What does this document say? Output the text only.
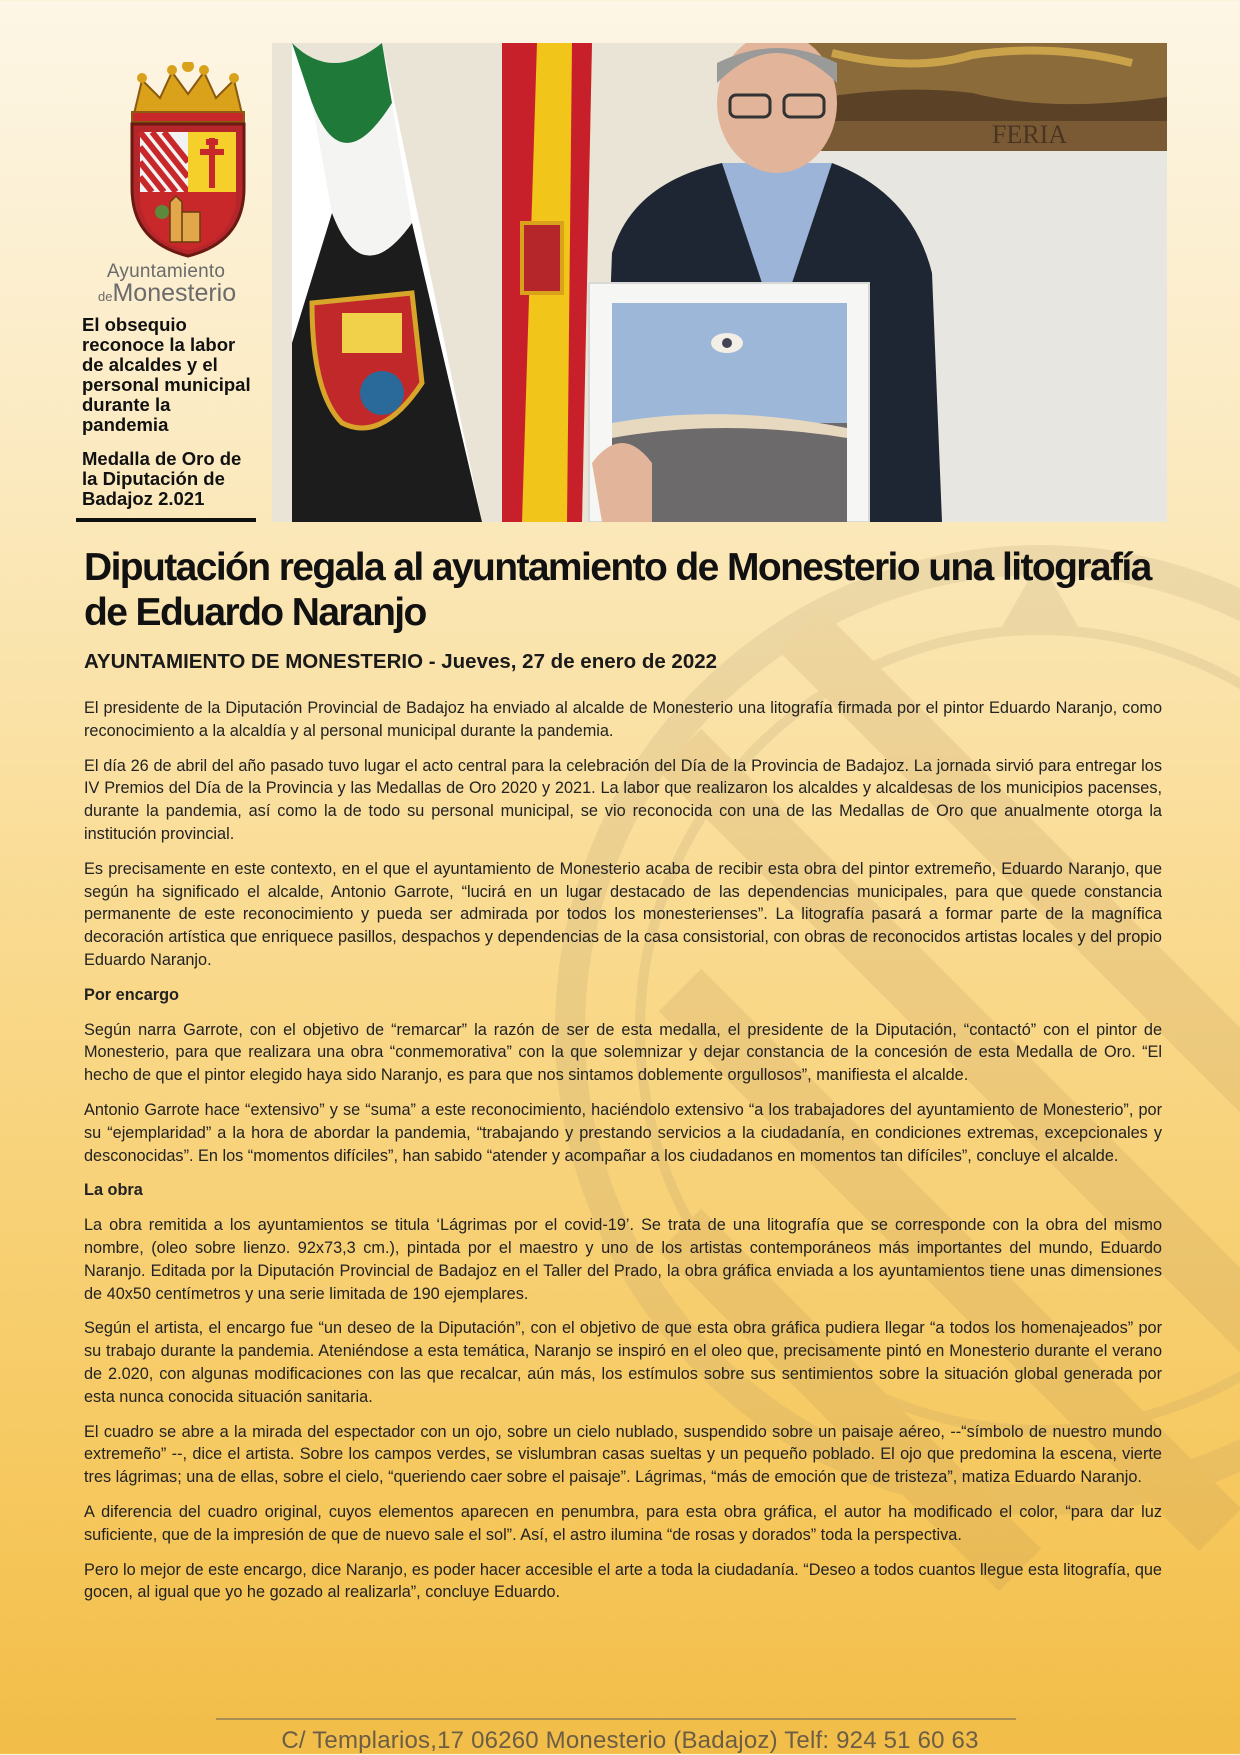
Ayuntamiento
deMonesterio

El obsequio reconoce la labor de alcaldes y el personal municipal durante la pandemia

Medalla de Oro de la Diputación de Badajoz 2.021

FERIA
Diputación regala al ayuntamiento de Monesterio una litografía de Eduardo Naranjo

AYUNTAMIENTO DE MONESTERIO - Jueves, 27 de enero de 2022

El presidente de la Diputación Provincial de Badajoz ha enviado al alcalde de Monesterio una litografía firmada por el pintor Eduardo Naranjo, como reconocimiento a la alcaldía y al personal municipal durante la pandemia.

El día 26 de abril del año pasado tuvo lugar el acto central para la celebración del Día de la Provincia de Badajoz. La jornada sirvió para entregar los IV Premios del Día de la Provincia y las Medallas de Oro 2020 y 2021. La labor que realizaron los alcaldes y alcaldesas de los municipios pacenses, durante la pandemia, así como la de todo su personal municipal, se vio reconocida con una de las Medallas de Oro que anualmente otorga la institución provincial.

Es precisamente en este contexto, en el que el ayuntamiento de Monesterio acaba de recibir esta obra del pintor extremeño, Eduardo Naranjo, que según ha significado el alcalde, Antonio Garrote, “lucirá en un lugar destacado de las dependencias municipales, para que quede constancia permanente de este reconocimiento y pueda ser admirada por todos los monesterienses”. La litografía pasará a formar parte de la magnífica decoración artística que enriquece pasillos, despachos y dependencias de la casa consistorial, con obras de reconocidos artistas locales y del propio Eduardo Naranjo.

Por encargo

Según narra Garrote, con el objetivo de “remarcar” la razón de ser de esta medalla, el presidente de la Diputación, “contactó” con el pintor de Monesterio, para que realizara una obra “conmemorativa” con la que solemnizar y dejar constancia de la concesión de esta Medalla de Oro. “El hecho de que el pintor elegido haya sido Naranjo, es para que nos sintamos doblemente orgullosos”, manifiesta el alcalde.

Antonio Garrote hace “extensivo” y se “suma” a este reconocimiento, haciéndolo extensivo “a los trabajadores del ayuntamiento de Monesterio”, por su “ejemplaridad” a la hora de abordar la pandemia, “trabajando y prestando servicios a la ciudadanía, en condiciones extremas, excepcionales y desconocidas”. En los “momentos difíciles”, han sabido “atender y acompañar a los ciudadanos en momentos tan difíciles”, concluye el alcalde.

La obra

La obra remitida a los ayuntamientos se titula ‘Lágrimas por el covid-19’. Se trata de una litografía que se corresponde con la obra del mismo nombre, (oleo sobre lienzo. 92x73,3 cm.), pintada por el maestro y uno de los artistas contemporáneos más importantes del mundo, Eduardo Naranjo. Editada por la Diputación Provincial de Badajoz en el Taller del Prado, la obra gráfica enviada a los ayuntamientos tiene unas dimensiones de 40x50 centímetros y una serie limitada de 190 ejemplares.

Según el artista, el encargo fue “un deseo de la Diputación”, con el objetivo de que esta obra gráfica pudiera llegar “a todos los homenajeados” por su trabajo durante la pandemia. Ateniéndose a esta temática, Naranjo se inspiró en el oleo que, precisamente pintó en Monesterio durante el verano de 2.020, con algunas modificaciones con las que recalcar, aún más, los estímulos sobre sus sentimientos sobre la situación global generada por esta nunca conocida situación sanitaria.

El cuadro se abre a la mirada del espectador con un ojo, sobre un cielo nublado, suspendido sobre un paisaje aéreo, --“símbolo de nuestro mundo extremeño” --, dice el artista. Sobre los campos verdes, se vislumbran casas sueltas y un pequeño poblado. El ojo que predomina la escena, vierte tres lágrimas; una de ellas, sobre el cielo, “queriendo caer sobre el paisaje”. Lágrimas, “más de emoción que de tristeza”, matiza Eduardo Naranjo.

A diferencia del cuadro original, cuyos elementos aparecen en penumbra, para esta obra gráfica, el autor ha modificado el color, “para dar luz suficiente, que de la impresión de que de nuevo sale el sol”. Así, el astro ilumina “de rosas y dorados” toda la perspectiva.

Pero lo mejor de este encargo, dice Naranjo, es poder hacer accesible el arte a toda la ciudadanía. “Deseo a todos cuantos llegue esta litografía, que gocen, al igual que yo he gozado al realizarla”, concluye Eduardo.

C/ Templarios,17 06260 Monesterio (Badajoz) Telf: 924 51 60 63
